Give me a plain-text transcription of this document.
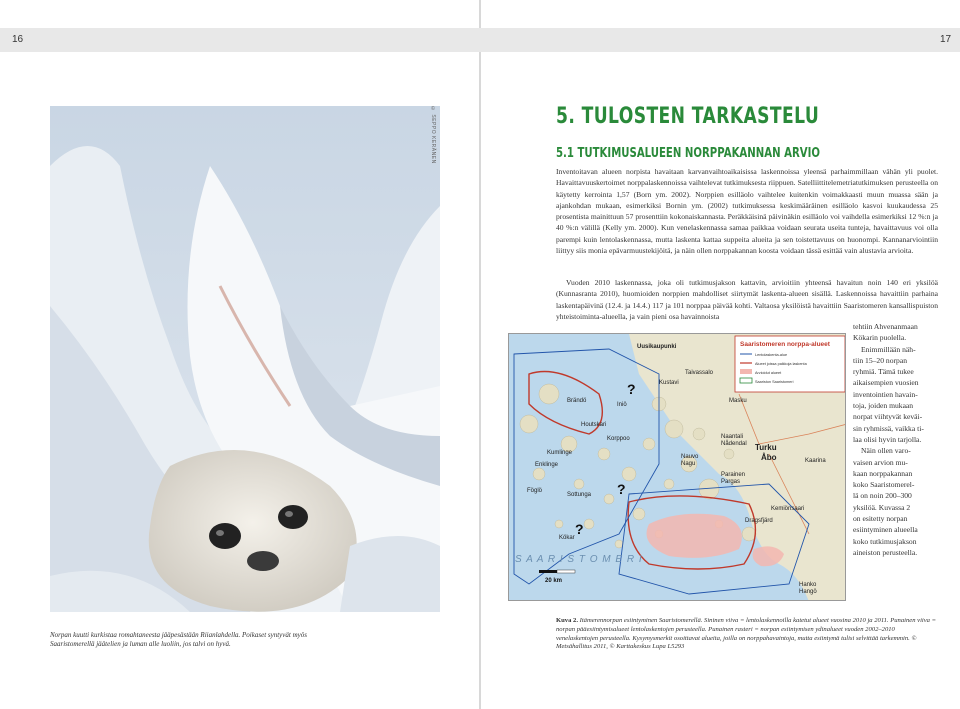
16	17
© SEPPO KERÄNEN
Norpan kuutti kurkistaa romahtaneesta jääpesästään Riianlahdella. Poikaset syntyvät myös Saaristomerellä jäätelien ja luman alle luoliin, jos talvi on hyvä.
5. TULOSTEN TARKASTELU
5.1 TUTKIMUSALUEEN NORPPAKANNAN ARVIO
Inventoitavan alueen norpista havaitaan karvanvaihtoaikaisissa laskennoissa yleensä parhaimmillaan vähän yli puolet. Havaittavuuskertoimet norppalaskennoissa vaihtelevat tutkimuksesta riippuen. Satelliittitelemetriatutkimuksen perusteella on käytetty kerrointa 1,57 (Born ym. 2002). Norppien esilläolo vaihtelee kuitenkin voimakkaasti muun muassa sään ja ajankohdan mukaan, esimerkiksi Bornin ym. (2002) tutkimuksessa keskimääräinen esilläolo kasvoi kuukaudessa 25 prosentista mainittuun 57 prosenttiin kokonaiskannasta. Peräkkäisinä päivinäkin esilläolo voi vaihdella esimerkiksi 12 %:n ja 40 %:n välillä (Kelly ym. 2000). Kun venelaskennassa samaa paikkaa voidaan seurata useita tunteja, havaittavuus voi olla parempi kuin lentolaskennassa, mutta laskenta kattaa suppeita alueita ja sen toistettavuus on huonompi. Kannanarviointiin liittyy siis monia epävarmuustekijöitä, ja näin ollen norppakannan koosta voidaan tässä esittää vain alustavia arvioita.
Vuoden 2010 laskennassa, joka oli tutkimusjakson kattavin, arvioitiin yhteensä havaitun noin 140 eri yksilöä (Kunnasranta 2010), huomioiden norppien mahdolliset siirtymät laskenta-alueen sisällä. Laskennoissa havaittiin parhaina laskentapäivinä (12.4. ja 14.4.) 117 ja 101 norppaa päivää kohti. Valtaosa yksilöistä havaittiin Saaristomeren kansallispuiston yhteistoiminta-alueella, ja vain pieni osa havainnoista
tehtiin Ahvenanmaan
Kökarin puolella.
Enimmillään näh-
tiin 15–20 norpan
ryhmiä. Tämä tukee
aikaisempien vuosien
inventointien havain-
toja, joiden mukaan
norpat viihtyvät keväi-
sin ryhmissä, vaikka ti-
laa olisi hyvin tarjolla.
Näin ollen varo-
vaisen arvion mu-
kaan norppakannan
koko Saaristomerel-
lä on noin 200–300
yksilöä. Kuvassa 2
on esitetty norpan
esiintyminen alueella
koko tutkimusjakson
aineiston perusteella.
Saaristomeren norppa-alueet
Lentolaskenta-alue
Alueet joissa paikkoja laskenta
Arvioidut alueet
Saariston Saaristomeri
Uusikaupunki
Turku
Åbo
Naantali
Nådendal
Kaarina
Parainen
Pargas
Nauvo
Nagu
Korppoo
Houtskari
Iniö
Brändö
Kumlinge
Enklinge
Sottunga
Föglö
Kökar
Dragsfjärd
Kemiönsaari
Hanko
Hangö
Kustavi
Taivassalo
Masku
S A A R I S T O M E R I
?
?
?
20 km
Kuva 2. Itämerennorpan esiintyminen Saaristomerellä. Sininen viiva = lentolaskennoilla katetut alueet vuosina 2010 ja 2011. Punainen viiva = norpan pääesiintymisalueet lentolaskentojen perusteella. Punainen rasteri = norpan esiintymisen ydinalueet vuoden 2002–2010 venelaskentojen perusteella. Kysymysmerkit osoittavat alueita, joilla on norppahavaintoja, mutta esiintymä tulisi selvittää tarkemmin. © Metsähallitus 2011, © Karttakeskus Lupa L5293
